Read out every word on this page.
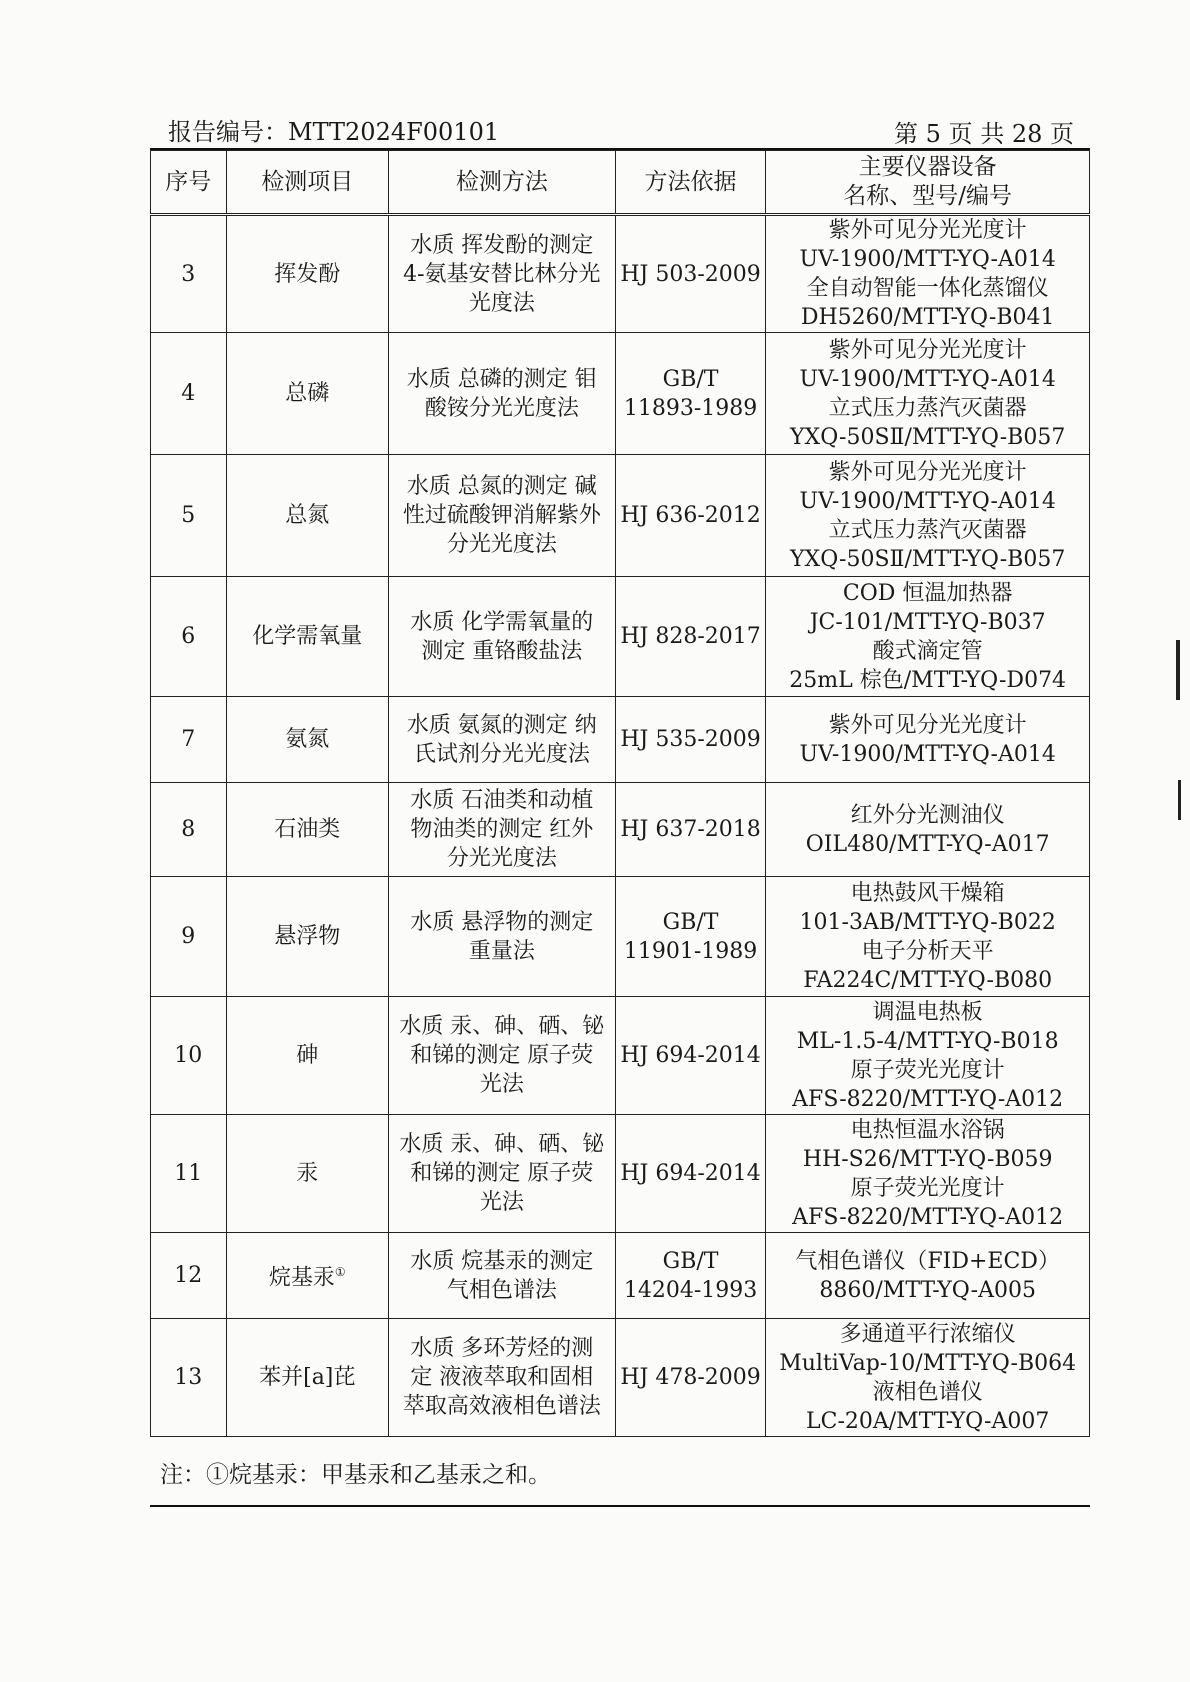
报告编号：MTT2024F00101	第 5 页 共 28 页
序号	检测项目	检测方法	方法依据	主要仪器设备
名称、型号/编号

3	挥发酚	水质 挥发酚的测定
4-氨基安替比林分光
光度法	HJ 503-2009	紫外可见分光光度计
UV-1900/MTT-YQ-A014
全自动智能一体化蒸馏仪
DH5260/MTT-YQ-B041

4	总磷	水质 总磷的测定 钼
酸铵分光光度法	GB/T
11893-1989	紫外可见分光光度计
UV-1900/MTT-YQ-A014
立式压力蒸汽灭菌器
YXQ-50SⅡ/MTT-YQ-B057

5	总氮	水质 总氮的测定 碱
性过硫酸钾消解紫外
分光光度法	HJ 636-2012	紫外可见分光光度计
UV-1900/MTT-YQ-A014
立式压力蒸汽灭菌器
YXQ-50SⅡ/MTT-YQ-B057

6	化学需氧量	水质 化学需氧量的
测定 重铬酸盐法	HJ 828-2017	COD 恒温加热器
JC-101/MTT-YQ-B037
酸式滴定管
25mL 棕色/MTT-YQ-D074

7	氨氮	水质 氨氮的测定 纳
氏试剂分光光度法	HJ 535-2009	紫外可见分光光度计
UV-1900/MTT-YQ-A014

8	石油类	水质 石油类和动植
物油类的测定 红外
分光光度法	HJ 637-2018	红外分光测油仪
OIL480/MTT-YQ-A017

9	悬浮物	水质 悬浮物的测定
重量法	GB/T
11901-1989	电热鼓风干燥箱
101-3AB/MTT-YQ-B022
电子分析天平
FA224C/MTT-YQ-B080

10	砷	水质 汞、砷、硒、铋
和锑的测定 原子荧
光法	HJ 694-2014	调温电热板
ML-1.5-4/MTT-YQ-B018
原子荧光光度计
AFS-8220/MTT-YQ-A012

11	汞	水质 汞、砷、硒、铋
和锑的测定 原子荧
光法	HJ 694-2014	电热恒温水浴锅
HH-S26/MTT-YQ-B059
原子荧光光度计
AFS-8220/MTT-YQ-A012

12	烷基汞①	水质 烷基汞的测定
气相色谱法	GB/T
14204-1993	气相色谱仪（FID+ECD）
8860/MTT-YQ-A005

13	苯并[a]芘	水质 多环芳烃的测
定 液液萃取和固相
萃取高效液相色谱法	HJ 478-2009	多通道平行浓缩仪
MultiVap-10/MTT-YQ-B064
液相色谱仪
LC-20A/MTT-YQ-A007
注：①烷基汞：甲基汞和乙基汞之和。
